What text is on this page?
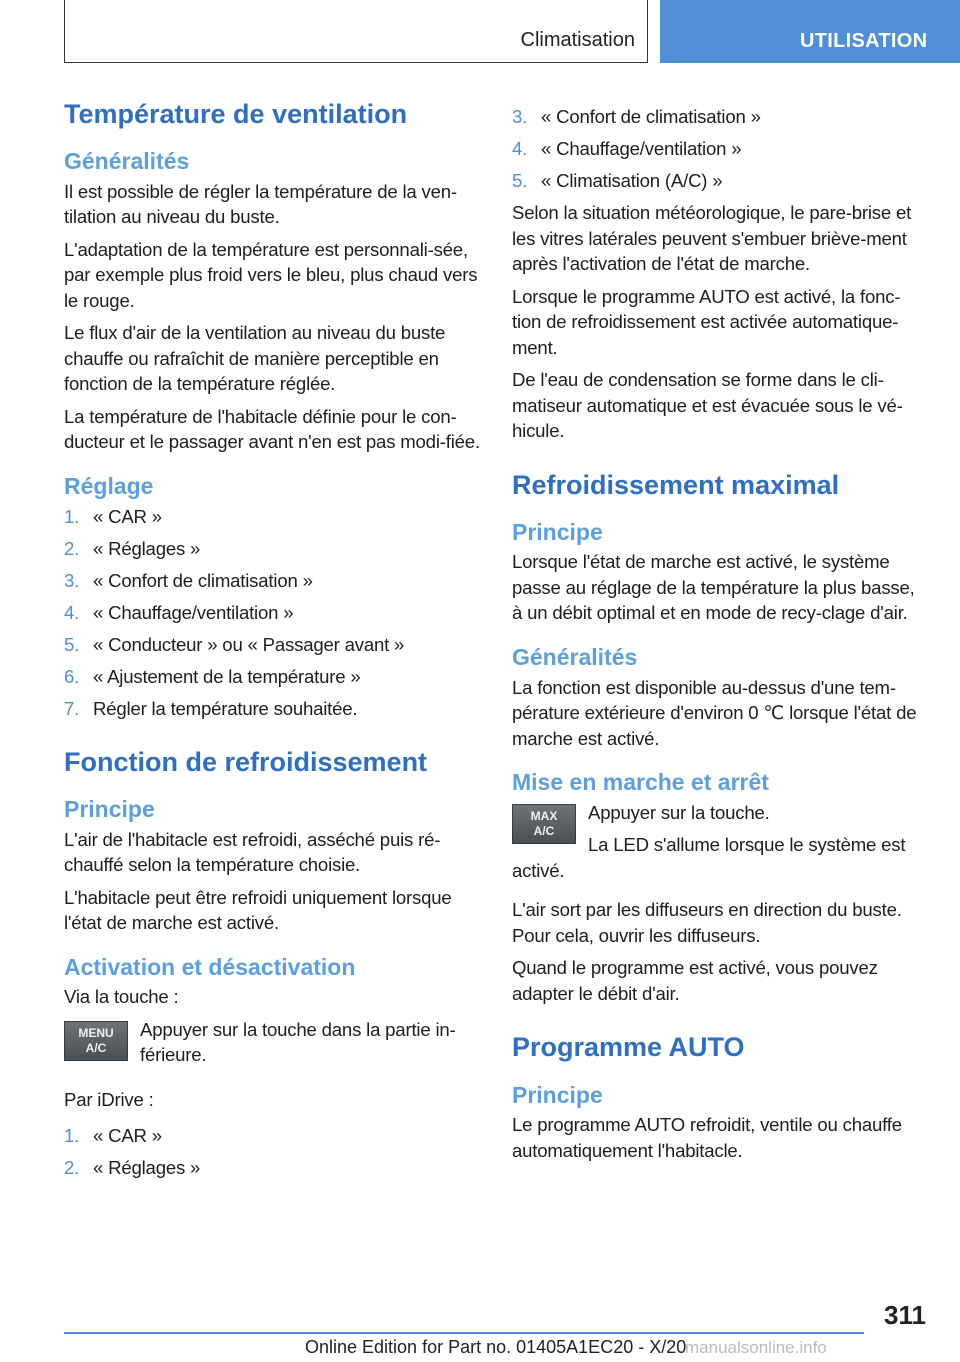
Climatisation	UTILISATION
Température de ventilation
Généralités

Il est possible de régler la température de la ven-tilation au niveau du buste.

L'adaptation de la température est personnali-sée, par exemple plus froid vers le bleu, plus chaud vers le rouge.

Le flux d'air de la ventilation au niveau du buste chauffe ou rafraîchit de manière perceptible en fonction de la température réglée.

La température de l'habitacle définie pour le con-ducteur et le passager avant n'en est pas modi-fiée.

Réglage
1. « CAR »
2. « Réglages »
3. « Confort de climatisation »
4. « Chauffage/ventilation »
5. « Conducteur » ou « Passager avant »
6. « Ajustement de la température »
7. Régler la température souhaitée.
Fonction de refroidissement
Principe

L'air de l'habitacle est refroidi, asséché puis ré-chauffé selon la température choisie.

L'habitacle peut être refroidi uniquement lorsque l'état de marche est activé.

Activation et désactivation

Via la touche :

MENU
A/C

Appuyer sur la touche dans la partie in-férieure.

Par iDrive :

1. « CAR »
2. « Réglages »
3. « Confort de climatisation »
4. « Chauffage/ventilation »
5. « Climatisation (A/C) »

Selon la situation météorologique, le pare-brise et les vitres latérales peuvent s'embuer briève-ment après l'activation de l'état de marche.

Lorsque le programme AUTO est activé, la fonc-tion de refroidissement est activée automatique-ment.

De l'eau de condensation se forme dans le cli-matiseur automatique et est évacuée sous le vé-hicule.

Refroidissement maximal
Principe

Lorsque l'état de marche est activé, le système passe au réglage de la température la plus basse, à un débit optimal et en mode de recy-clage d'air.

Généralités

La fonction est disponible au-dessus d'une tem-pérature extérieure d'environ 0 ℃ lorsque l'état de marche est activé.

Mise en marche et arrêt
MAX
A/C

Appuyer sur la touche.

La LED s'allume lorsque le système est activé.

L'air sort par les diffuseurs en direction du buste. Pour cela, ouvrir les diffuseurs.

Quand le programme est activé, vous pouvez adapter le débit d'air.

Programme AUTO
Principe

Le programme AUTO refroidit, ventile ou chauffe automatiquement l'habitacle.

311
Online Edition for Part no. 01405A1EC20 - X/20
manualsonline.info
